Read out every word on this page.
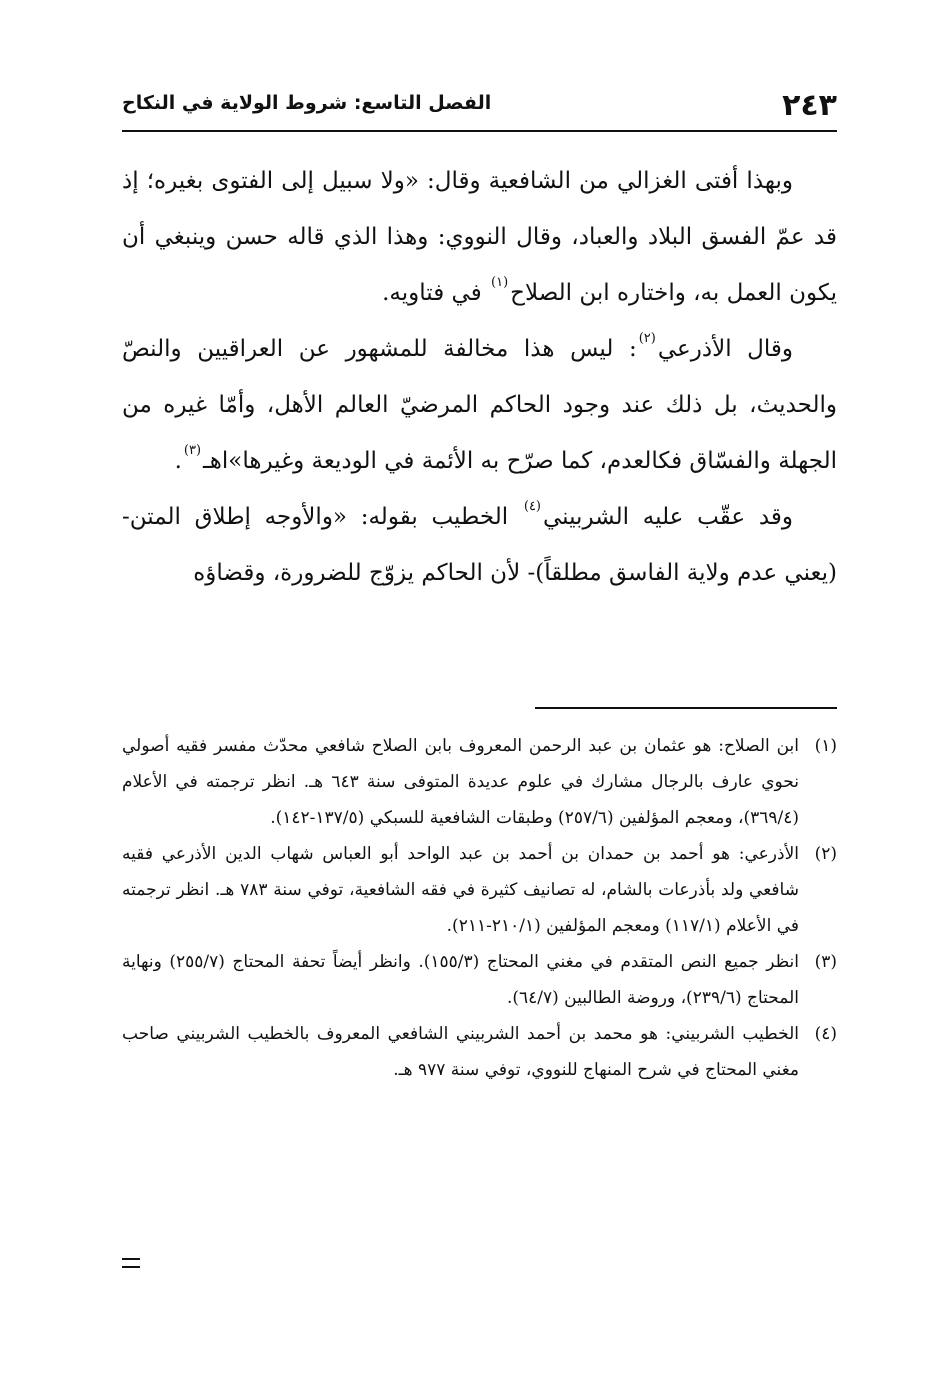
٢٤٣
الفصل التاسع: شروط الولاية في النكاح

وبهذا أفتى الغزالي من الشافعية وقال: «ولا سبيل إلى الفتوى بغيره؛ إذ قد عمّ الفسق البلاد والعباد، وقال النووي: وهذا الذي قاله حسن وينبغي أن يكون العمل به، واختاره ابن الصلاح$^{(١)}$ في فتاويه.

وقال الأذرعي$^{(٢)}$: ليس هذا مخالفة للمشهور عن العراقيين والنصّ والحديث، بل ذلك عند وجود الحاكم المرضيّ العالم الأهل، وأمّا غيره من الجهلة والفسّاق فكالعدم، كما صرّح به الأئمة في الوديعة وغيرها»اهـ$^{(٣)}$.

وقد عقّب عليه الشربيني$^{(٤)}$ الخطيب بقوله: «والأوجه إطلاق المتن- (يعني عدم ولاية الفاسق مطلقاً)- لأن الحاكم يزوّج للضرورة، وقضاؤه

(١)
ابن الصلاح: هو عثمان بن عبد الرحمن المعروف بابن الصلاح شافعي محدّث مفسر فقيه أصولي نحوي عارف بالرجال مشارك في علوم عديدة المتوفى سنة ٦٤٣ هـ. انظر ترجمته في الأعلام (٣٦٩/٤)، ومعجم المؤلفين (٢٥٧/٦) وطبقات الشافعية للسبكي (١٣٧/٥-١٤٢).

(٢)
الأذرعي: هو أحمد بن حمدان بن أحمد بن عبد الواحد أبو العباس شهاب الدين الأذرعي فقيه شافعي ولد بأذرعات بالشام، له تصانيف كثيرة في فقه الشافعية، توفي سنة ٧٨٣ هـ. انظر ترجمته في الأعلام (١١٧/١) ومعجم المؤلفين (٢١٠/١-٢١١).

(٣)
انظر جميع النص المتقدم في مغني المحتاج (١٥٥/٣). وانظر أيضاً تحفة المحتاج (٢٥٥/٧) ونهاية المحتاج (٢٣٩/٦)، وروضة الطالبين (٦٤/٧).

(٤)
الخطيب الشربيني: هو محمد بن أحمد الشربيني الشافعي المعروف بالخطيب الشربيني صاحب مغني المحتاج في شرح المنهاج للنووي، توفي سنة ٩٧٧ هـ.
